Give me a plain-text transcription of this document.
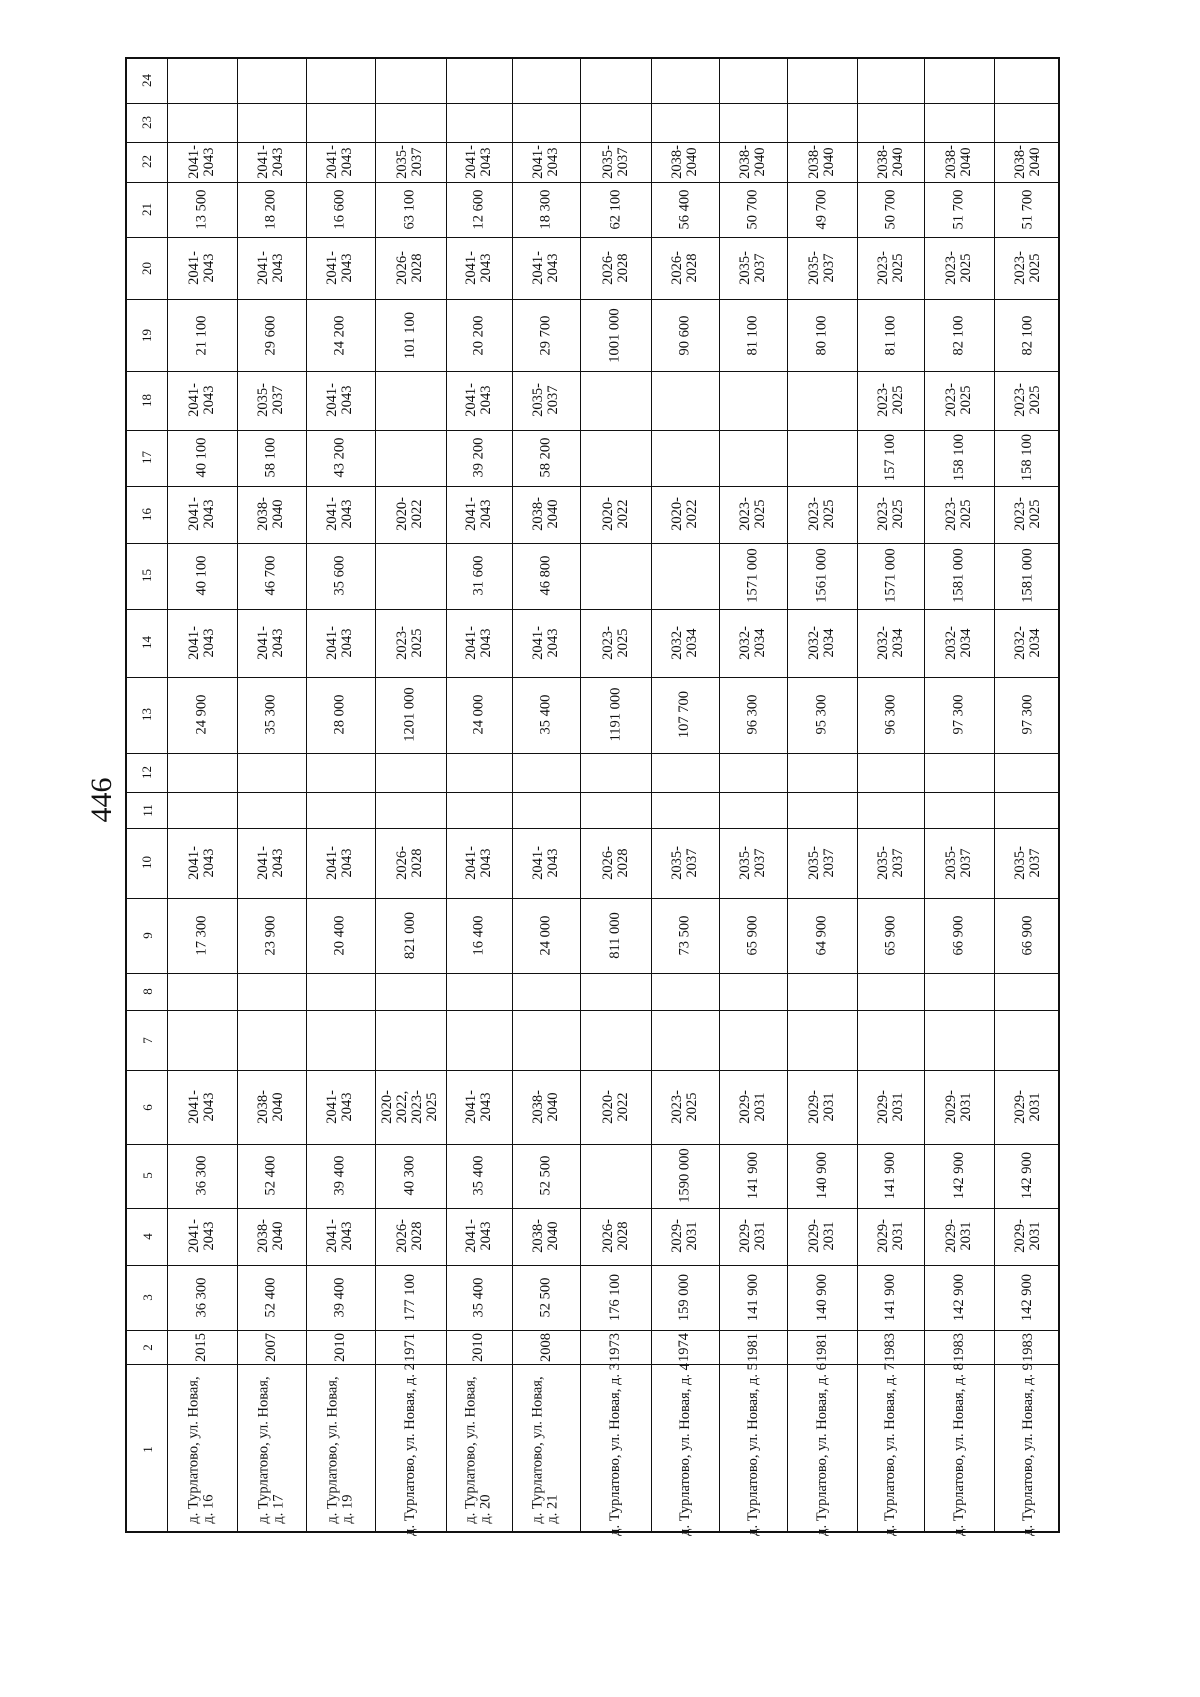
446
1
2
3
4
5
6
7
8
9
10
11
12
13
14
15
16
17
18
19
20
21
22
23
24
д. Турлатово, ул. Новая,
д. 16
2015
36 300
2041-
2043
36 300
2041-
2043
17 300
2041-
2043
24 900
2041-
2043
40 100
2041-
2043
40 100
2041-
2043
21 100
2041-
2043
13 500
2041-
2043
д. Турлатово, ул. Новая,
д. 17
2007
52 400
2038-
2040
52 400
2038-
2040
23 900
2041-
2043
35 300
2041-
2043
46 700
2038-
2040
58 100
2035-
2037
29 600
2041-
2043
18 200
2041-
2043
д. Турлатово, ул. Новая,
д. 19
2010
39 400
2041-
2043
39 400
2041-
2043
20 400
2041-
2043
28 000
2041-
2043
35 600
2041-
2043
43 200
2041-
2043
24 200
2041-
2043
16 600
2041-
2043
д. Турлатово, ул. Новая, д. 2
1971
177 100
2026-
2028
40 300
2020-
2022,
2023-
2025
821 000
2026-
2028
1201 000
2023-
2025
2020-
2022
101 100
2026-
2028
63 100
2035-
2037
д. Турлатово, ул. Новая,
д. 20
2010
35 400
2041-
2043
35 400
2041-
2043
16 400
2041-
2043
24 000
2041-
2043
31 600
2041-
2043
39 200
2041-
2043
20 200
2041-
2043
12 600
2041-
2043
д. Турлатово, ул. Новая,
д. 21
2008
52 500
2038-
2040
52 500
2038-
2040
24 000
2041-
2043
35 400
2041-
2043
46 800
2038-
2040
58 200
2035-
2037
29 700
2041-
2043
18 300
2041-
2043
д. Турлатово, ул. Новая, д. 3
1973
176 100
2026-
2028
2020-
2022
811 000
2026-
2028
1191 000
2023-
2025
2020-
2022
1001 000
2026-
2028
62 100
2035-
2037
д. Турлатово, ул. Новая, д. 4
1974
159 000
2029-
2031
1590 000
2023-
2025
73 500
2035-
2037
107 700
2032-
2034
2020-
2022
90 600
2026-
2028
56 400
2038-
2040
д. Турлатово, ул. Новая, д. 5
1981
141 900
2029-
2031
141 900
2029-
2031
65 900
2035-
2037
96 300
2032-
2034
1571 000
2023-
2025
81 100
2035-
2037
50 700
2038-
2040
д. Турлатово, ул. Новая, д. 6
1981
140 900
2029-
2031
140 900
2029-
2031
64 900
2035-
2037
95 300
2032-
2034
1561 000
2023-
2025
80 100
2035-
2037
49 700
2038-
2040
д. Турлатово, ул. Новая, д. 7
1983
141 900
2029-
2031
141 900
2029-
2031
65 900
2035-
2037
96 300
2032-
2034
1571 000
2023-
2025
157 100
2023-
2025
81 100
2023-
2025
50 700
2038-
2040
д. Турлатово, ул. Новая, д. 8
1983
142 900
2029-
2031
142 900
2029-
2031
66 900
2035-
2037
97 300
2032-
2034
1581 000
2023-
2025
158 100
2023-
2025
82 100
2023-
2025
51 700
2038-
2040
д. Турлатово, ул. Новая, д. 9
1983
142 900
2029-
2031
142 900
2029-
2031
66 900
2035-
2037
97 300
2032-
2034
1581 000
2023-
2025
158 100
2023-
2025
82 100
2023-
2025
51 700
2038-
2040
